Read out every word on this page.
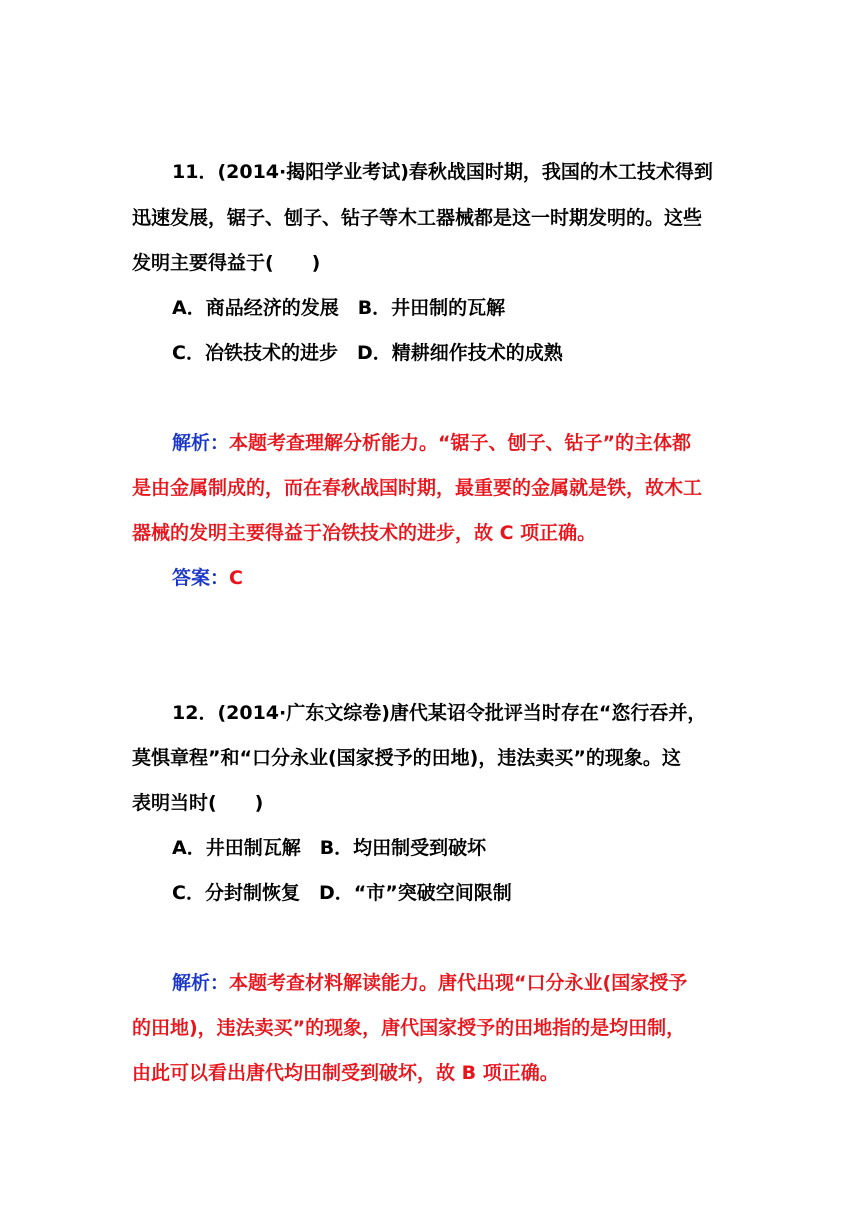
11．(2014·揭阳学业考试)春秋战国时期，我国的木工技术得到
迅速发展，锯子、刨子、钻子等木工器械都是这一时期发明的。这些
发明主要得益于(　　)
A．商品经济的发展　B．井田制的瓦解
C．冶铁技术的进步　D．精耕细作技术的成熟
解析：本题考查理解分析能力。“锯子、刨子、钻子”的主体都
是由金属制成的，而在春秋战国时期，最重要的金属就是铁，故木工
器械的发明主要得益于冶铁技术的进步，故 C 项正确。
答案：C
12．(2014·广东文综卷)唐代某诏令批评当时存在“恣行吞并，
莫惧章程”和“口分永业(国家授予的田地)，违法卖买”的现象。这
表明当时(　　)
A．井田制瓦解　B．均田制受到破坏
C．分封制恢复　D．“市”突破空间限制
解析：本题考查材料解读能力。唐代出现“口分永业(国家授予
的田地)，违法卖买”的现象，唐代国家授予的田地指的是均田制，
由此可以看出唐代均田制受到破坏，故 B 项正确。
